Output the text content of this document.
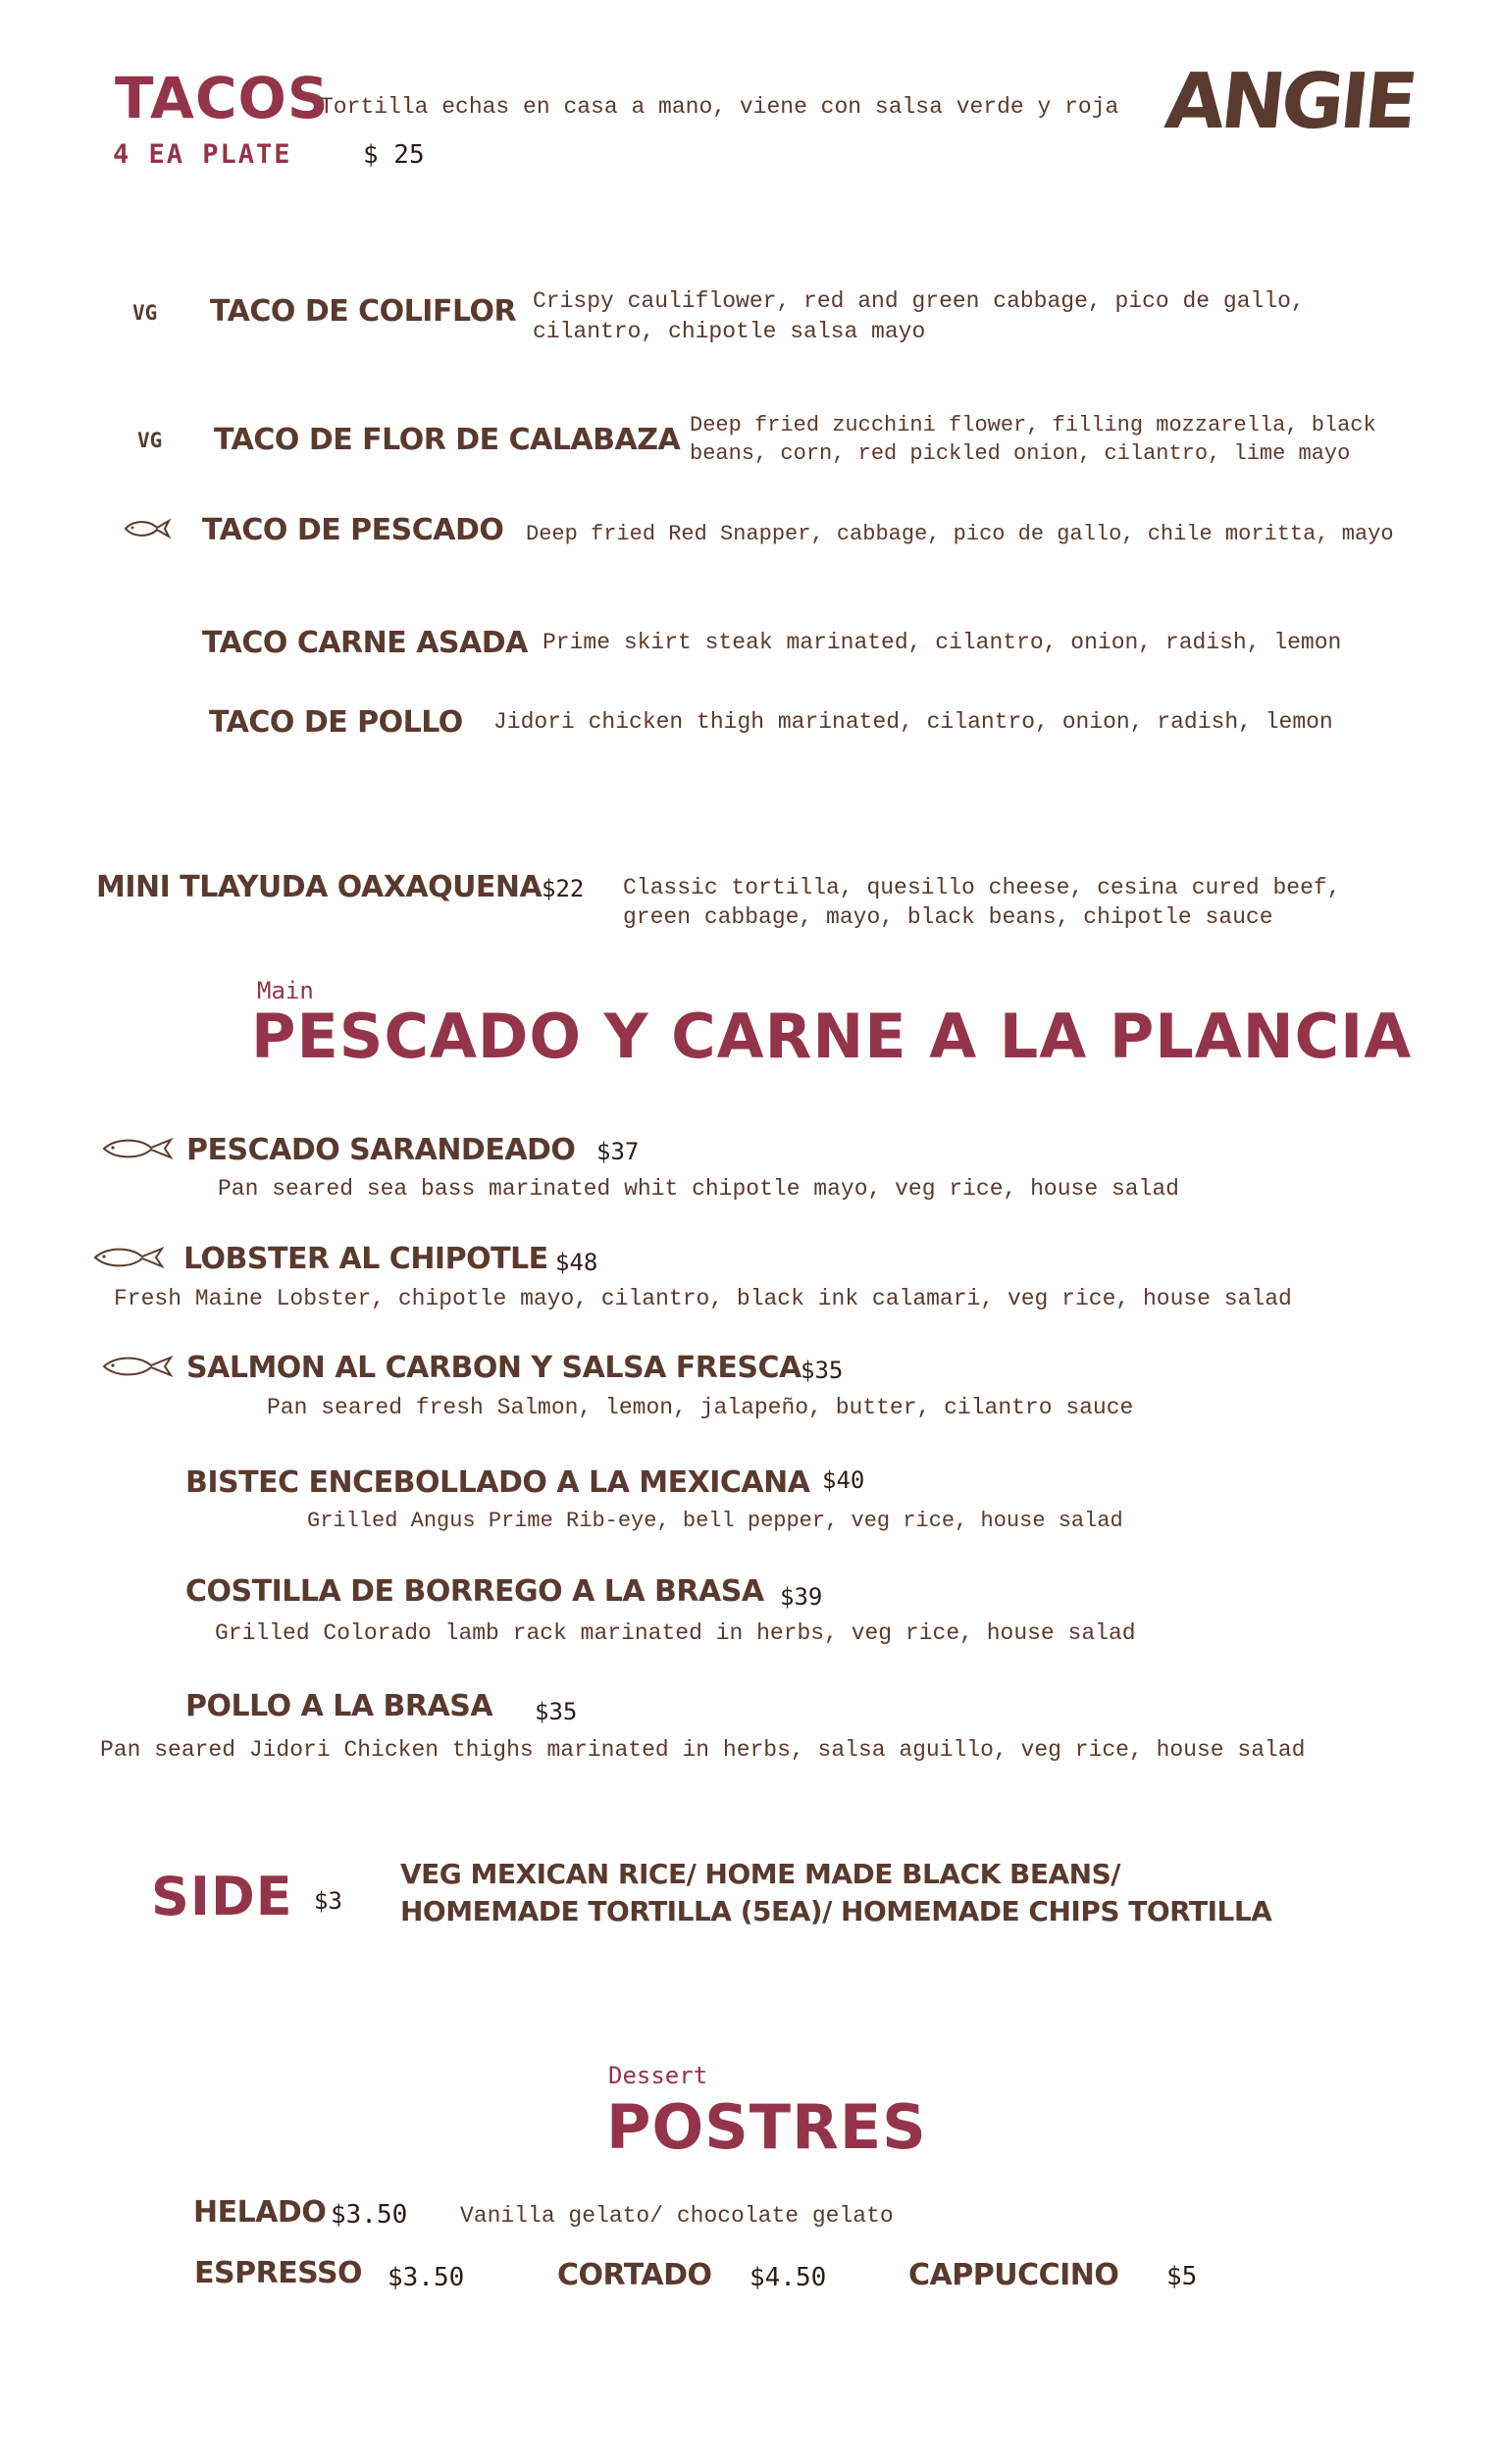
TACOS
Tortilla echas en casa a mano, viene con salsa verde y roja
4 EA PLATE	$ 25
ANGIE
VG TACO DE COLIFLOR Crispy cauliflower, red and green cabbage, pico de gallo, cilantro, chipotle salsa mayo
VG TACO DE FLOR DE CALABAZA Deep fried zucchini flower, filling mozzarella, black beans, corn, red pickled onion, cilantro, lime mayo
TACO DE PESCADO Deep fried Red Snapper, cabbage, pico de gallo, chile moritta, mayo
TACO CARNE ASADA Prime skirt steak marinated, cilantro, onion, radish, lemon
TACO DE POLLO Jidori chicken thigh marinated, cilantro, onion, radish, lemon
MINI TLAYUDA OAXAQUENA $22 Classic tortilla, quesillo cheese, cesina cured beef, green cabbage, mayo, black beans, chipotle sauce
Main
PESCADO Y CARNE A LA PLANCIA
PESCADO SARANDEADO $37
Pan seared sea bass marinated whit chipotle mayo, veg rice, house salad
LOBSTER AL CHIPOTLE $48
Fresh Maine Lobster, chipotle mayo, cilantro, black ink calamari, veg rice, house salad
SALMON AL CARBON Y SALSA FRESCA $35
Pan seared fresh Salmon, lemon, jalapeño, butter, cilantro sauce
BISTEC ENCEBOLLADO A LA MEXICANA $40
Grilled Angus Prime Rib-eye, bell pepper, veg rice, house salad
COSTILLA DE BORREGO A LA BRASA $39
Grilled Colorado lamb rack marinated in herbs, veg rice, house salad
POLLO A LA BRASA $35
Pan seared Jidori Chicken thighs marinated in herbs, salsa aguillo, veg rice, house salad
SIDE $3
VEG MEXICAN RICE/ HOME MADE BLACK BEANS/
HOMEMADE TORTILLA (5EA)/ HOMEMADE CHIPS TORTILLA
Dessert
POSTRES
HELADO $3.50 Vanilla gelato/ chocolate gelato
ESPRESSO $3.50	CORTADO $4.50	CAPPUCCINO $5
